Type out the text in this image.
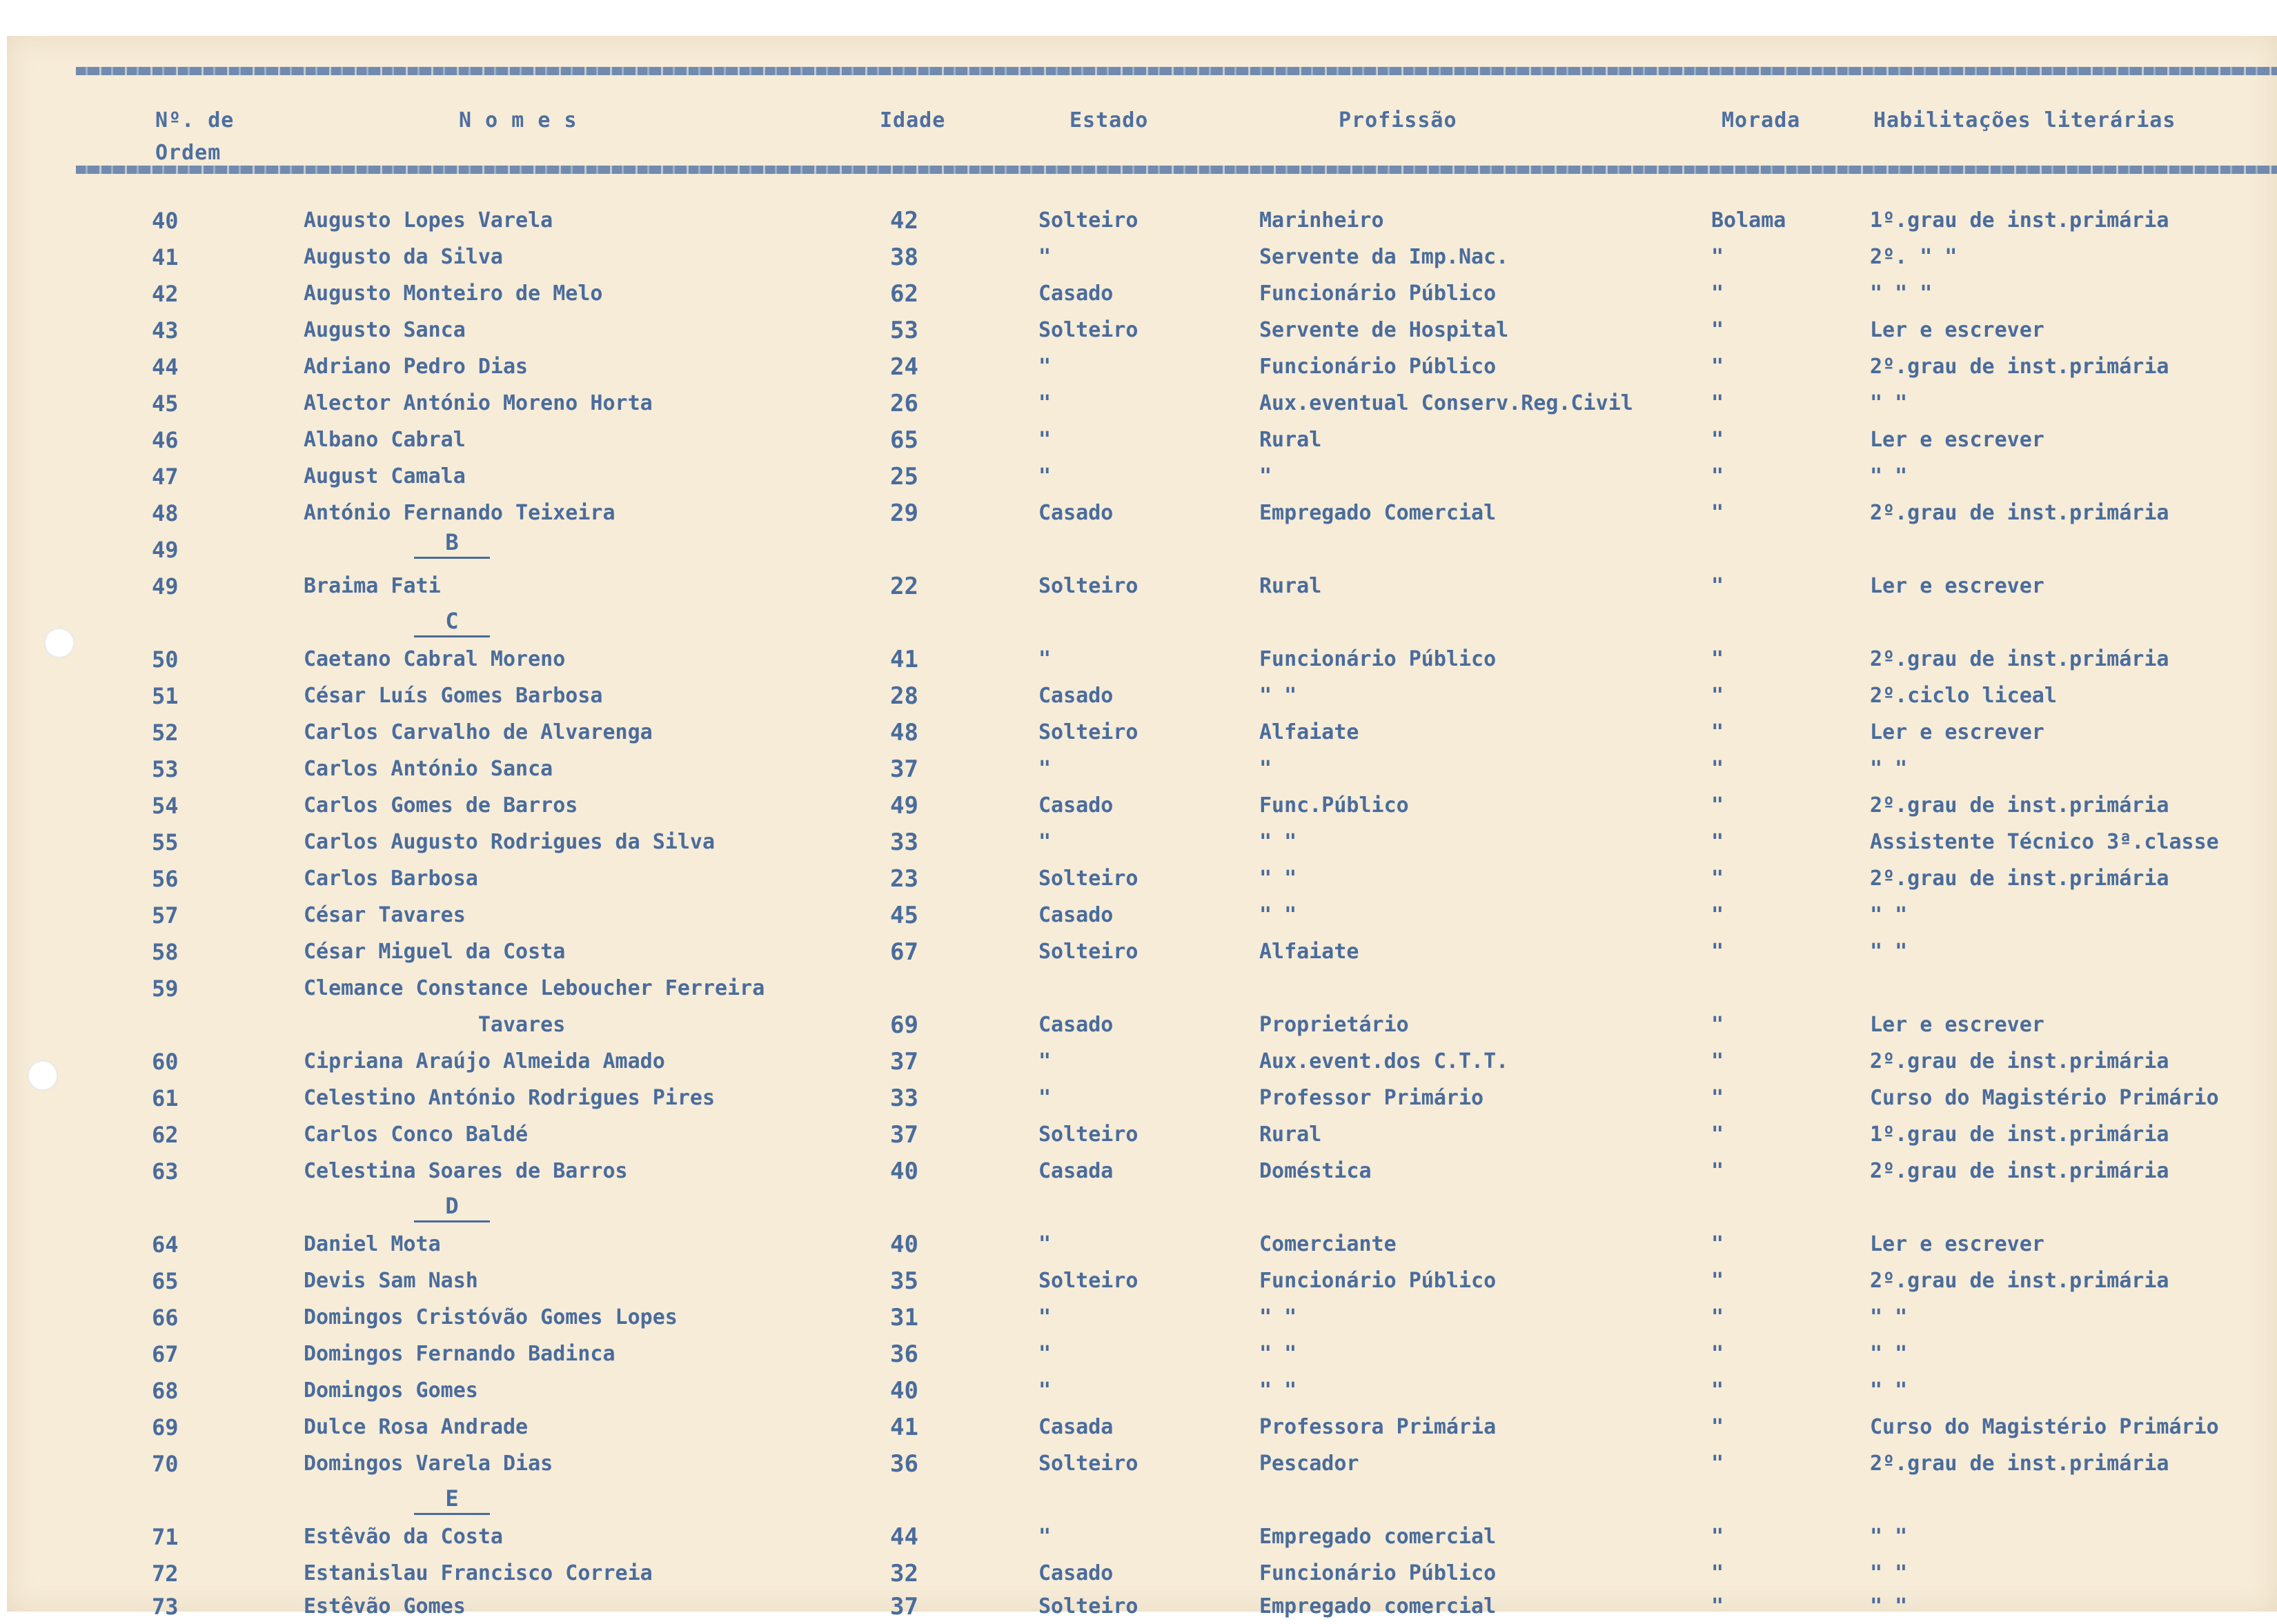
Nº. de
Ordem
N o m e s	Idade	Estado	Profissão	Morada	Habilitações literárias
40	Augusto Lopes Varela	42	Solteiro	Marinheiro	Bolama	1º.grau de inst.primária
41	Augusto da Silva	38	"	Servente da Imp.Nac.	"	2º. " "
42	Augusto Monteiro de Melo	62	Casado	Funcionário Público	"	" " "
43	Augusto Sanca	53	Solteiro	Servente de Hospital	"	Ler e escrever
44	Adriano Pedro Dias	24	"	Funcionário Público	"	2º.grau de inst.primária
45	Alector António Moreno Horta	26	"	Aux.eventual Conserv.Reg.Civil	"	" "
46	Albano Cabral	65	"	Rural	"	Ler e escrever
47	August Camala	25	"	"	"	" "
48	António Fernando Teixeira	29	Casado	Empregado Comercial	"	2º.grau de inst.primária
49	B
49	Braima Fati	22	Solteiro	Rural	"	Ler e escrever
C
50	Caetano Cabral Moreno	41	"	Funcionário Público	"	2º.grau de inst.primária
51	César Luís Gomes Barbosa	28	Casado	" "	"	2º.ciclo liceal
52	Carlos Carvalho de Alvarenga	48	Solteiro	Alfaiate	"	Ler e escrever
53	Carlos António Sanca	37	"	"	"	" "
54	Carlos Gomes de Barros	49	Casado	Func.Público	"	2º.grau de inst.primária
55	Carlos Augusto Rodrigues da Silva	33	"	" "	"	Assistente Técnico 3ª.classe
56	Carlos Barbosa	23	Solteiro	" "	"	2º.grau de inst.primária
57	César Tavares	45	Casado	" "	"	" "
58	César Miguel da Costa	67	Solteiro	Alfaiate	"	" "
59	Clemance Constance Leboucher Ferreira
Tavares	69	Casado	Proprietário	"	Ler e escrever
60	Cipriana Araújo Almeida Amado	37	"	Aux.event.dos C.T.T.	"	2º.grau de inst.primária
61	Celestino António Rodrigues Pires	33	"	Professor Primário	"	Curso do Magistério Primário
62	Carlos Conco Baldé	37	Solteiro	Rural	"	1º.grau de inst.primária
63	Celestina Soares de Barros	40	Casada	Doméstica	"	2º.grau de inst.primária
D
64	Daniel Mota	40	"	Comerciante	"	Ler e escrever
65	Devis Sam Nash	35	Solteiro	Funcionário Público	"	2º.grau de inst.primária
66	Domingos Cristóvão Gomes Lopes	31	"	" "	"	" "
67	Domingos Fernando Badinca	36	"	" "	"	" "
68	Domingos Gomes	40	"	" "	"	" "
69	Dulce Rosa Andrade	41	Casada	Professora Primária	"	Curso do Magistério Primário
70	Domingos Varela Dias	36	Solteiro	Pescador	"	2º.grau de inst.primária
E
71	Estêvão da Costa	44	"	Empregado comercial	"	" "
72	Estanislau Francisco Correia	32	Casado	Funcionário Público	"	" "
73	Estêvão Gomes	37	Solteiro	Empregado comercial	"	" "
